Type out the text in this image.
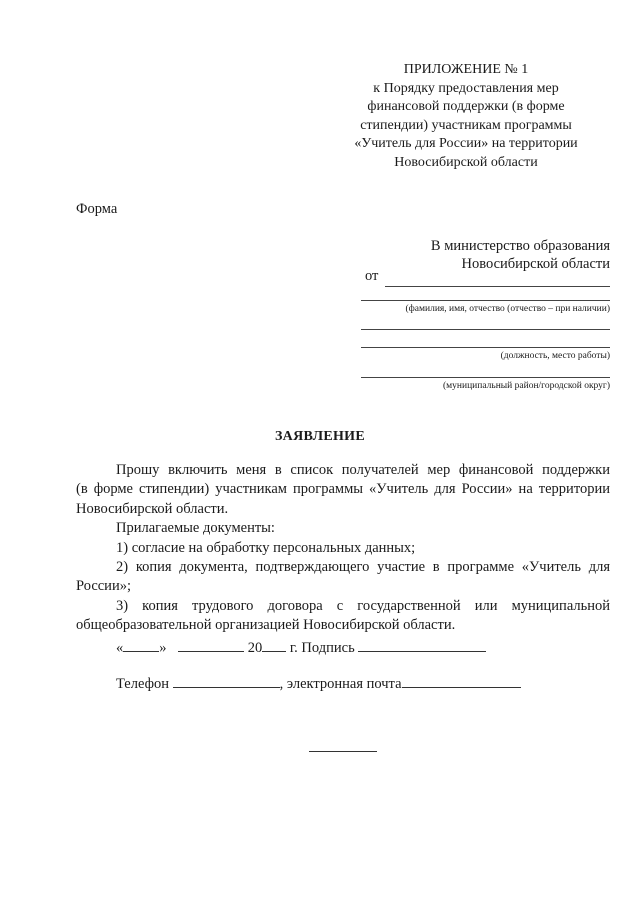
ПРИЛОЖЕНИЕ № 1
к Порядку предоставления мер
финансовой поддержки (в форме
стипендии) участникам программы
«Учитель для России» на территории
Новосибирской области
Форма
В министерство образования
Новосибирской области
от
(фамилия, имя, отчество (отчество – при наличии)
(должность, место работы)
(муниципальный район/городской округ)
ЗАЯВЛЕНИЕ

Прошу включить меня в список получателей мер финансовой поддержки

(в форме стипендии) участникам программы «Учитель для России» на территории Новосибирской области.

Прилагаемые документы:

1) согласие на обработку персональных данных;

2) копия документа, подтверждающего участие в программе «Учитель для России»;

3) копия трудового договора с государственной или муниципальной общеобразовательной организацией Новосибирской области.

« »	20 г. Подпись
Телефон	, электронная почта
